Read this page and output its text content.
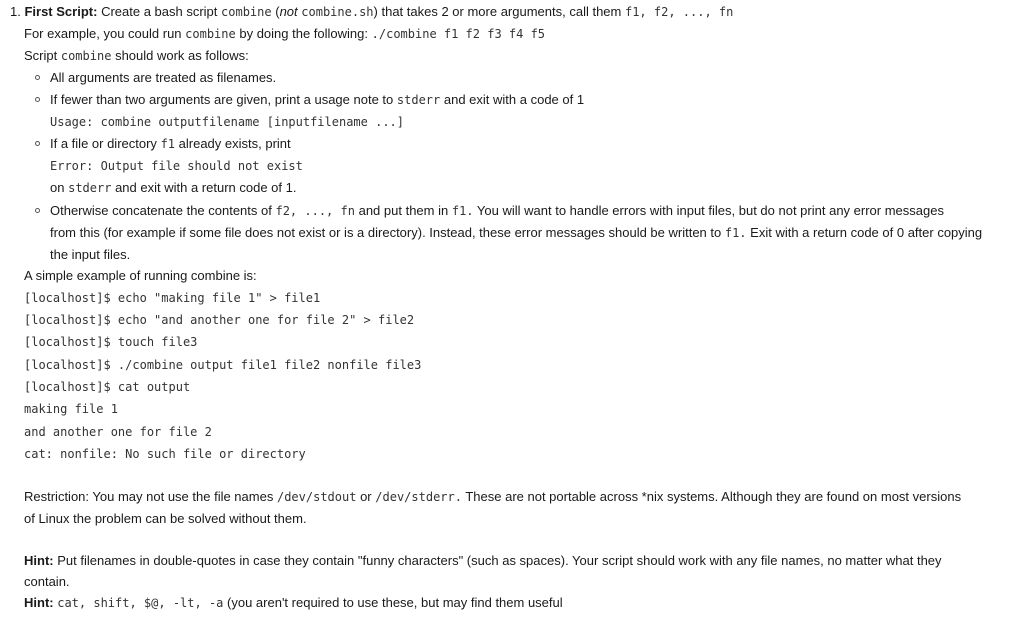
1. First Script: Create a bash script combine (not combine.sh) that takes 2 or more arguments, call them f1, f2, ..., fn
For example, you could run combine by doing the following: ./combine f1 f2 f3 f4 f5
Script combine should work as follows:
All arguments are treated as filenames.
If fewer than two arguments are given, print a usage note to stderr and exit with a code of 1
Usage: combine outputfilename [inputfilename ...]
If a file or directory f1 already exists, print
Error: Output file should not exist
on stderr and exit with a return code of 1.
Otherwise concatenate the contents of f2, ..., fn and put them in f1. You will want to handle errors with input files, but do not print any error messages
from this (for example if some file does not exist or is a directory). Instead, these error messages should be written to f1. Exit with a return code of 0 after copying
the input files.
A simple example of running combine is:
[localhost]$ echo "making file 1" > file1
[localhost]$ echo "and another one for file 2" > file2
[localhost]$ touch file3
[localhost]$ ./combine output file1 file2 nonfile file3
[localhost]$ cat output
making file 1
and another one for file 2
cat: nonfile: No such file or directory
Restriction: You may not use the file names /dev/stdout or /dev/stderr. These are not portable across *nix systems. Although they are found on most versions
of Linux the problem can be solved without them.
Hint: Put filenames in double-quotes in case they contain "funny characters" (such as spaces). Your script should work with any file names, no matter what they
contain.
Hint: cat, shift, $@, -lt, -a (you aren't required to use these, but may find them useful
